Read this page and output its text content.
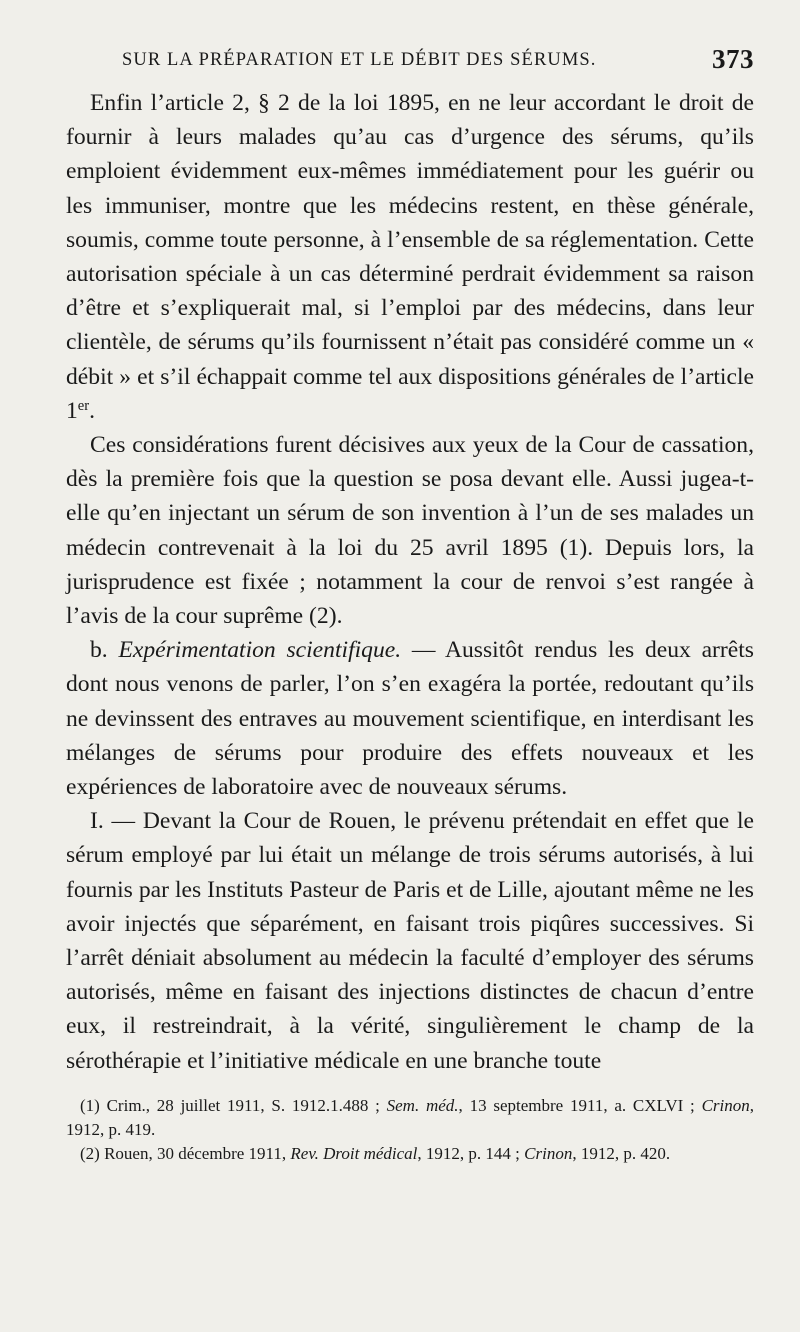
SUR LA PRÉPARATION ET LE DÉBIT DES SÉRUMS.	373

Enfin l’article 2, § 2 de la loi 1895, en ne leur accordant le droit de fournir à leurs malades qu’au cas d’urgence des sérums, qu’ils emploient évidemment eux-mêmes immédiatement pour les guérir ou les immuniser, montre que les médecins restent, en thèse générale, soumis, comme toute personne, à l’ensemble de sa réglementation. Cette autorisation spéciale à un cas déterminé perdrait évidemment sa raison d’être et s’expliquerait mal, si l’emploi par des médecins, dans leur clientèle, de sérums qu’ils fournissent n’était pas considéré comme un « débit » et s’il échappait comme tel aux dispositions générales de l’article 1er.

Ces considérations furent décisives aux yeux de la Cour de cassation, dès la première fois que la question se posa devant elle. Aussi jugea-t-elle qu’en injectant un sérum de son invention à l’un de ses malades un médecin contrevenait à la loi du 25 avril 1895 (1). Depuis lors, la jurisprudence est fixée ; notamment la cour de renvoi s’est rangée à l’avis de la cour suprême (2).

b. Expérimentation scientifique. — Aussitôt rendus les deux arrêts dont nous venons de parler, l’on s’en exagéra la portée, redoutant qu’ils ne devinssent des entraves au mouvement scientifique, en interdisant les mélanges de sérums pour produire des effets nouveaux et les expériences de laboratoire avec de nouveaux sérums.

I. — Devant la Cour de Rouen, le prévenu prétendait en effet que le sérum employé par lui était un mélange de trois sérums autorisés, à lui fournis par les Instituts Pasteur de Paris et de Lille, ajoutant même ne les avoir injectés que séparément, en faisant trois piqûres successives. Si l’arrêt déniait absolument au médecin la faculté d’employer des sérums autorisés, même en faisant des injections distinctes de chacun d’entre eux, il restreindrait, à la vérité, singulièrement le champ de la sérothérapie et l’initiative médicale en une branche toute

(1) Crim., 28 juillet 1911, S. 1912.1.488 ; Sem. méd., 13 septembre 1911, a. CXLVI ; Crinon, 1912, p. 419.

(2) Rouen, 30 décembre 1911, Rev. Droit médical, 1912, p. 144 ; Crinon, 1912, p. 420.
